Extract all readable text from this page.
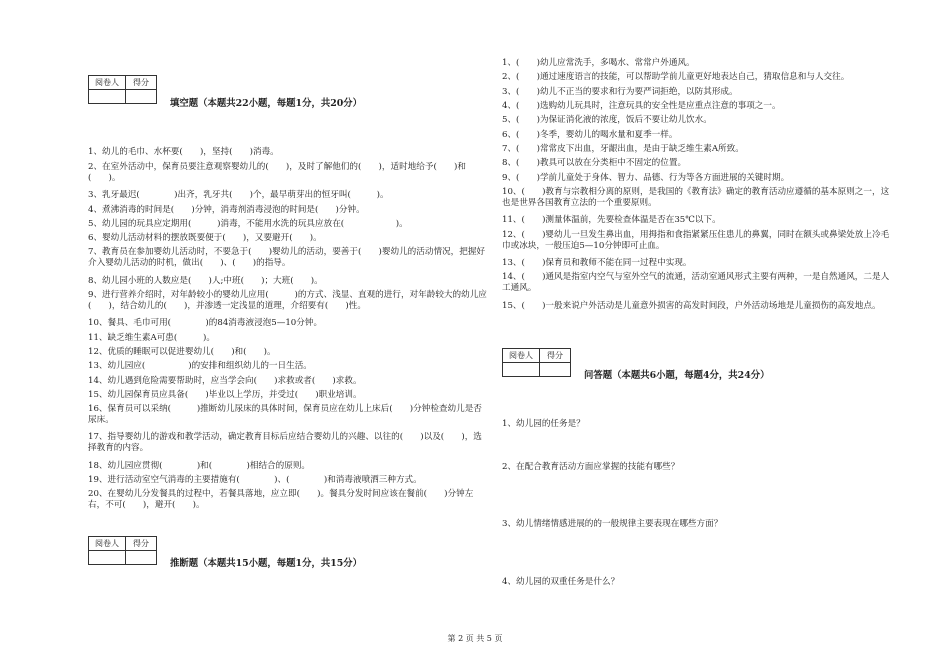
阅卷人	得分

填空题（本题共22小题，每题1分，共20分）
1、幼儿的毛巾、水杯要(　　)，坚持(　　)消毒。
2、在室外活动中，保育员要注意观察婴幼儿的(　　)，及时了解他们的(　　)，适时地给予(　　)和(　　)。
3、乳牙最迟(　　　　)出齐，乳牙共(　　)个，最早萌芽出的恒牙叫(　　　)。
4、煮沸消毒的时间是(　　)分钟，消毒剂消毒浸泡的时间是(　　)分钟。
5、幼儿园的玩具应定期用(　　　)消毒，不能用水洗的玩具应放在(　　　　　　)。
6、婴幼儿活动材料的摆放既要便于(　　)，又要避开(　　)。
7、教育员在参加婴幼儿活动时，不要急于(　　)婴幼儿的活动，要善于(　　)婴幼儿的活动情况，把握好介入婴幼儿活动的时机，做出(　　)、(　　)的指导。
8、幼儿园小班的人数应是(　　)人;中班(　　)；大班(　　)。
9、进行营养介绍时，对年龄较小的婴幼儿应用(　　　)的方式、浅显、直观的进行，对年龄较大的幼儿应(　　)，结合幼儿的(　　)，并渗透一定浅显的道理，介绍要有(　　)性。
10、餐具、毛巾可用(　　　　)的84消毒液浸泡5—10分钟。
11、缺乏维生素A可患(　　　)。
12、优质的睡眠可以促进婴幼儿(　　)和(　　)。
13、幼儿园应(　　　　　)的安排和组织幼儿的一日生活。
14、幼儿遇到危险需要帮助时，应当学会向(　　)求救或者(　　)求救。
15、幼儿园保育员应具备(　　)毕业以上学历，并受过(　　)职业培训。
16、保育员可以采纳(　　　)推断幼儿尿床的具体时间，保育员应在幼儿上床后(　　)分钟检查幼儿是否尿床。
17、指导婴幼儿的游戏和教学活动，确定教育目标后应结合婴幼儿的兴趣、以往的(　　)以及(　　)，选择教育的内容。
18、幼儿园应贯彻(　　　　)和(　　　　)相结合的原则。
19、进行活动室空气消毒的主要措施有(　　　　)、(　　　　)和消毒液喷洒三种方式。
20、在婴幼儿分发餐具的过程中，若餐具落地，应立即(　　)。餐具分发时间应该在餐前(　　)分钟左右，不可(　　)，避开(　　)。
阅卷人	得分

推断题（本题共15小题，每题1分，共15分）
1、(　　)幼儿应常洗手，多喝水、常常户外通风。
2、(　　)通过速度语言的技能，可以帮助学前儿童更好地表达自己，猜取信息和与人交往。
3、(　　)幼儿不正当的要求和行为要严词拒绝，以防其形成。
4、(　　)选购幼儿玩具时，注意玩具的安全性是应重点注意的事项之一。
5、(　　)为保证消化液的浓度，饭后不要让幼儿饮水。
6、(　　)冬季，婴幼儿的喝水量和夏季一样。
7、(　　)常常皮下出血，牙龈出血，是由于缺乏维生素A所致。
8、(　　)教具可以放在分类柜中不固定的位置。
9、(　　)学前儿童处于身体、智力、品德、行为等各方面进展的关键时期。
10、(　　)教育与宗教相分离的原则，是我国的《教育法》确定的教育活动应遵循的基本原则之一，这也是世界各国教育立法的一个重要原则。
11、(　　)测量体温前，先要检查体温是否在35℃以下。
12、(　　)婴幼儿一旦发生鼻出血，用拇指和食指紧紧压住患儿的鼻翼，同时在额头或鼻梁处放上冷毛巾或冰块，一般压迫5—10分钟即可止血。
13、(　　)保育员和教师不能在同一过程中实现。
14、(　　)通风是指室内空气与室外空气的流通，活动室通风形式主要有两种，一是自然通风，二是人工通风。
15、(　　)一般来说户外活动是儿童意外损害的高发时间段，户外活动场地是儿童损伤的高发地点。
阅卷人	得分

问答题（本题共6小题，每题4分，共24分）
1、幼儿园的任务是？
2、在配合教育活动方面应掌握的技能有哪些？
3、幼儿情绪情感进展的的一般规律主要表现在哪些方面？
4、幼儿园的双重任务是什么？
第 2 页 共 5 页
